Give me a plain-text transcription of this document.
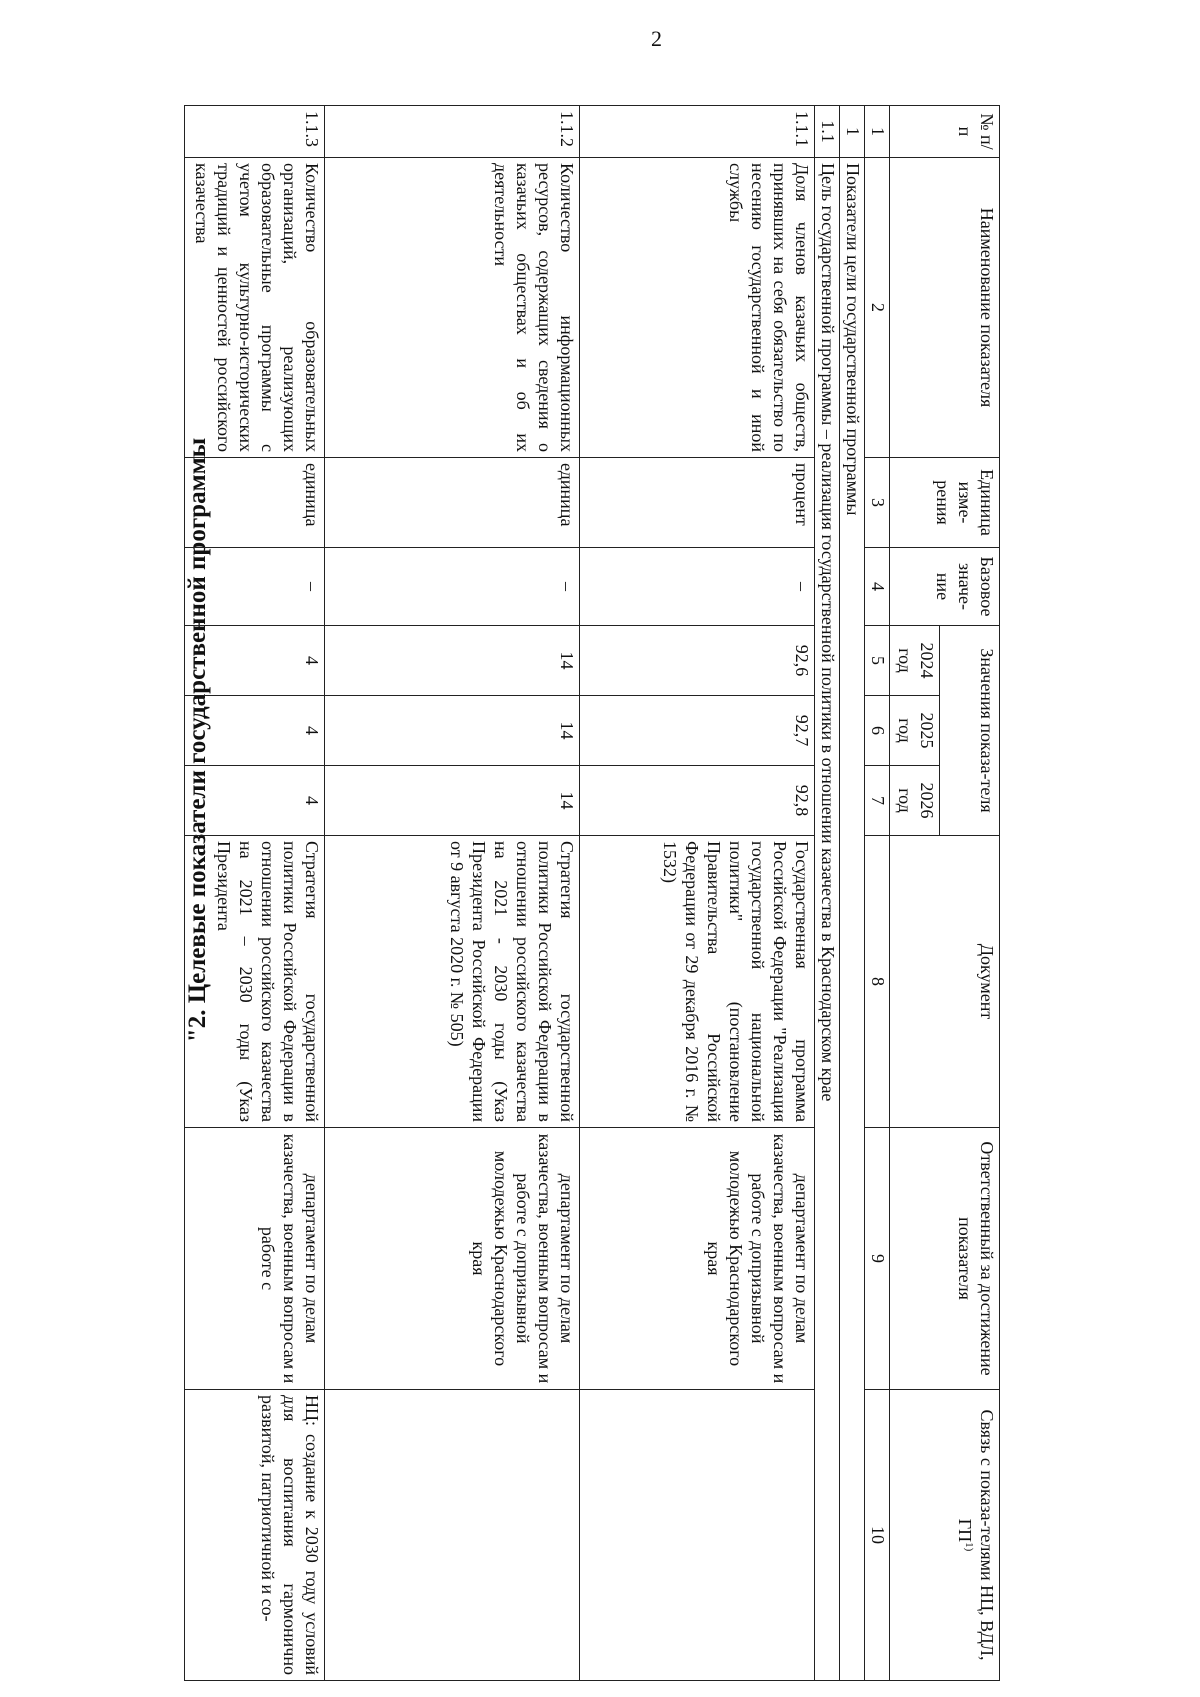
2
"2. Целевые показатели государственной программы
№ п/п	Наименование показателя	Единица изме-рения	Базовое значе-ние	Значения показа-теля			Документ	Ответственный за достижение показателя	Связь с показа-телями НЦ, ВДЛ, ГП$^{1)}$
				2024 год	2025 год	2026 год			
1	2	3	4	5	6	7	8	9	10
1	Показатели цели государственной программы								
1.1	Цель государственной программы – реализация государственной политики в отношении казачества в Краснодарском крае								
1.1.1	Доля членов казачьих обществ, принявших на себя обязательство по несению государственной и иной службы	процент	–	92,6	92,7	92,8	Государственная программа Российской Федерации "Реализация государственной национальной политики" (постановление Правительства Российской Федерации от 29 декабря 2016 г. № 1532)	департамент по делам казачества, военным вопросам и работе с допризывной молодежью Краснодарского края	
1.1.2	Количество информационных ресурсов, содержащих сведения о казачьих обществах и об их деятельности	единица	–	14	14	14	Стратегия государственной политики Российской Федерации в отношении российского казачества на 2021 - 2030 годы (Указ Президента Российской Федерации от 9 августа 2020 г. № 505)	департамент по делам казачества, военным вопросам и работе с допризывной молодежью Краснодарского края	
1.1.3	Количество образовательных организаций, реализующих образовательные программы с учетом культурно-исторических традиций и ценностей российского казачества	единица	–	4	4	4	Стратегия государственной политики Российской Федерации в отношении российского казачества на 2021 – 2030 годы (Указ Президента	департамент по делам казачества, военным вопросам и работе с	НЦ: создание к 2030 году условий для воспитания гармонично развитой, патриотичной и со-
